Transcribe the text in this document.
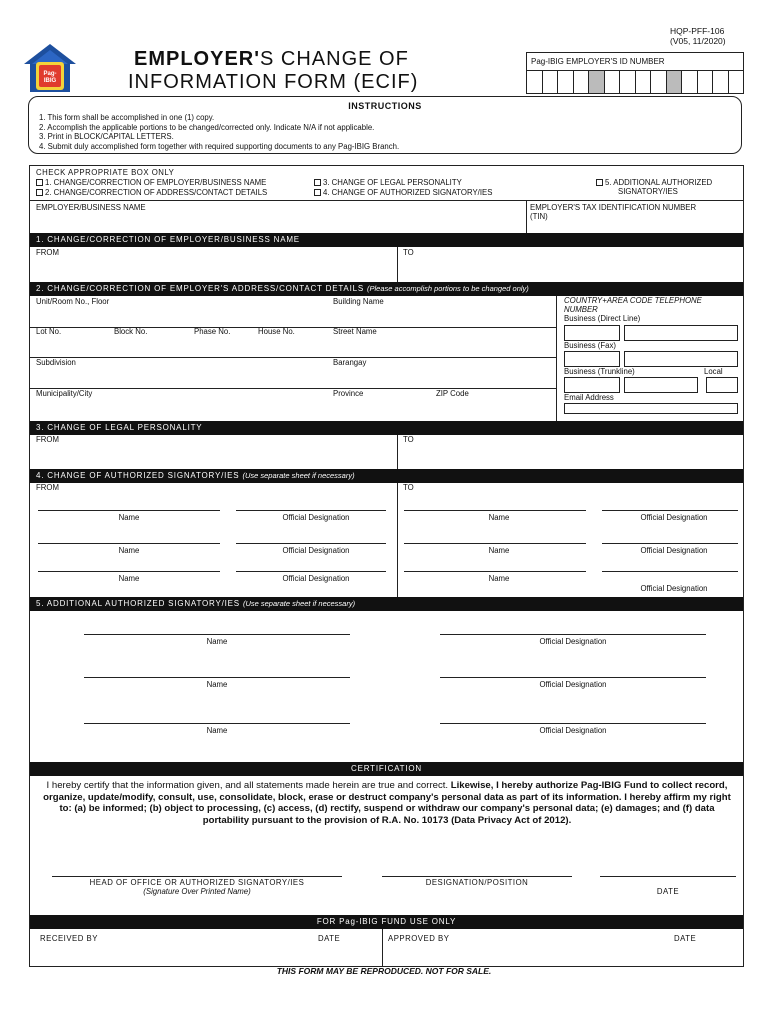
HQP-PFF-106
(V05, 11/2020)
Pag-
IBIG
EMPLOYER'S CHANGE OF
INFORMATION FORM (ECIF)
Pag-IBIG EMPLOYER'S ID NUMBER
INSTRUCTIONS
1. This form shall be accomplished in one (1) copy.
2. Accomplish the applicable portions to be changed/corrected only. Indicate N/A if not applicable.
3. Print in BLOCK/CAPITAL LETTERS.
4. Submit duly accomplished form together with required supporting documents to any Pag-IBIG Branch.
CHECK APPROPRIATE BOX ONLY
1. CHANGE/CORRECTION OF EMPLOYER/BUSINESS NAME
2. CHANGE/CORRECTION OF ADDRESS/CONTACT DETAILS
3. CHANGE OF LEGAL PERSONALITY
4. CHANGE OF AUTHORIZED SIGNATORY/IES
5. ADDITIONAL AUTHORIZED
SIGNATORY/IES
EMPLOYER/BUSINESS NAME	EMPLOYER'S TAX IDENTIFICATION NUMBER
(TIN)
1. CHANGE/CORRECTION OF EMPLOYER/BUSINESS NAME
FROM	TO
2. CHANGE/CORRECTION OF EMPLOYER'S ADDRESS/CONTACT DETAILS (Please accomplish portions to be changed only)
Unit/Room No., Floor	Building Name
Lot No.	Block No.	Phase No.	House No.	Street Name
Subdivision	Barangay
Municipality/City	Province	ZIP Code
COUNTRY+AREA CODE TELEPHONE
NUMBER
Business (Direct Line)
Business (Fax)
Business (Trunkline)	Local
Email Address
3. CHANGE OF LEGAL PERSONALITY
FROM	TO
4. CHANGE OF AUTHORIZED SIGNATORY/IES (Use separate sheet if necessary)
FROM	TO
Name	Official Designation	Name	Official Designation
Name	Official Designation	Name	Official Designation
Name	Official Designation	Name
Official Designation
5. ADDITIONAL AUTHORIZED SIGNATORY/IES (Use separate sheet if necessary)
Name	Official Designation
Name	Official Designation
Name	Official Designation
CERTIFICATION
I hereby certify that the information given, and all statements made herein are true and correct. Likewise, I hereby authorize Pag-IBIG Fund to collect record, organize, update/modify, consult, use, consolidate, block, erase or destruct company's personal data as part of its information. I hereby affirm my right to: (a) be informed; (b) object to processing, (c) access, (d) rectify, suspend or withdraw our company's personal data; (e) damages; and (f) data portability pursuant to the provision of R.A. No. 10173 (Data Privacy Act of 2012).
HEAD OF OFFICE OR AUTHORIZED SIGNATORY/IES
(Signature Over Printed Name)
DESIGNATION/POSITION
DATE
FOR Pag-IBIG FUND USE ONLY
RECEIVED BY	DATE	APPROVED BY	DATE
THIS FORM MAY BE REPRODUCED. NOT FOR SALE.
